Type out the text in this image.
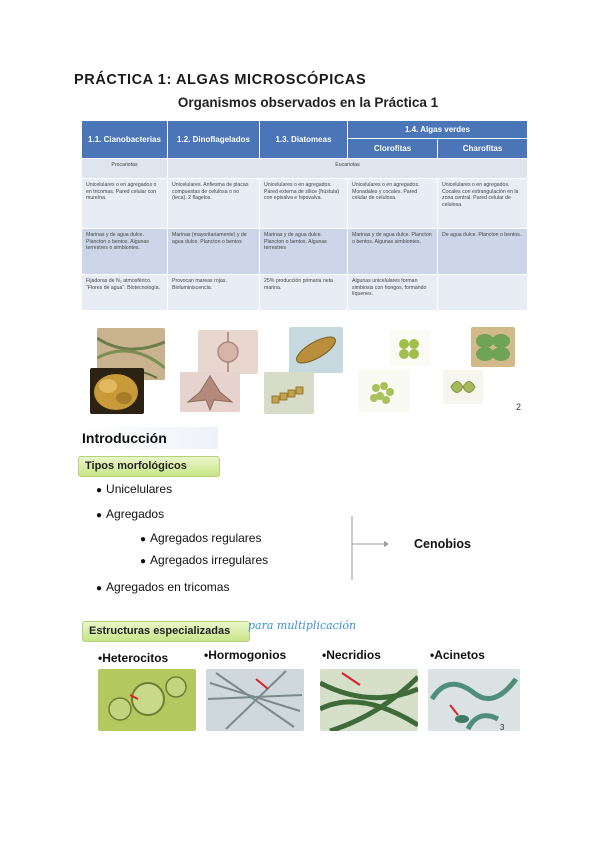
PRÁCTICA 1: ALGAS MICROSCÓPICAS
Organismos observados en la Práctica 1
1.1. Cianobacterias	1.2. Dinoflagelados	1.3. Diatomeas	1.4. Algas verdes	
			Clorofitas	Charofitas
Procariotas	Eucariotas			
Unicelulares o en agregados o en tricomas. Pared celular con mureína.	Unicelulares. Anfiesma de placas compuestas de celulosa o no (teca). 2 flagelos.	Unicelulares o en agregados. Pared externa de sílice (frústula) con epivalva e hipovalva.	Unicelulares o en agregados. Monadales y cocales. Pared celular de celulosa.	Unicelulares o en agregados. Cocales con estrangulación en la zona central. Pared celular de celulosa.
Marinas y de agua dulce. Plancton o bentos. Algunas terrestres o simbiontes.	Marinas (mayoritariamente) y de agua dulce. Plancton o bentos	Marinas y de agua dulce. Plancton o bentos. Algunas terrestres	Marinas y de agua dulce. Plancton o bentos. Algunas simbiontes.	De agua dulce. Plancton o bentos.
Fijadoras de N₂ atmosférico. "Flores de agua". Biotecnología.	Provocan mareas rojas. Bioluminiscencia.	25% producción primaria neta marina.	Algunas unicelulares forman simbiosis con hongos, formando líquenes.	
2
Introducción
Tipos morfológicos
● Unicelulares
● Agregados
● Agregados regulares
● Agregados irregulares
● Agregados en tricomas
Cenobios
Estructuras especializadas	para multiplicación
•Heterocitos	•Hormogonios	•Necridios	•Acinetos
3
